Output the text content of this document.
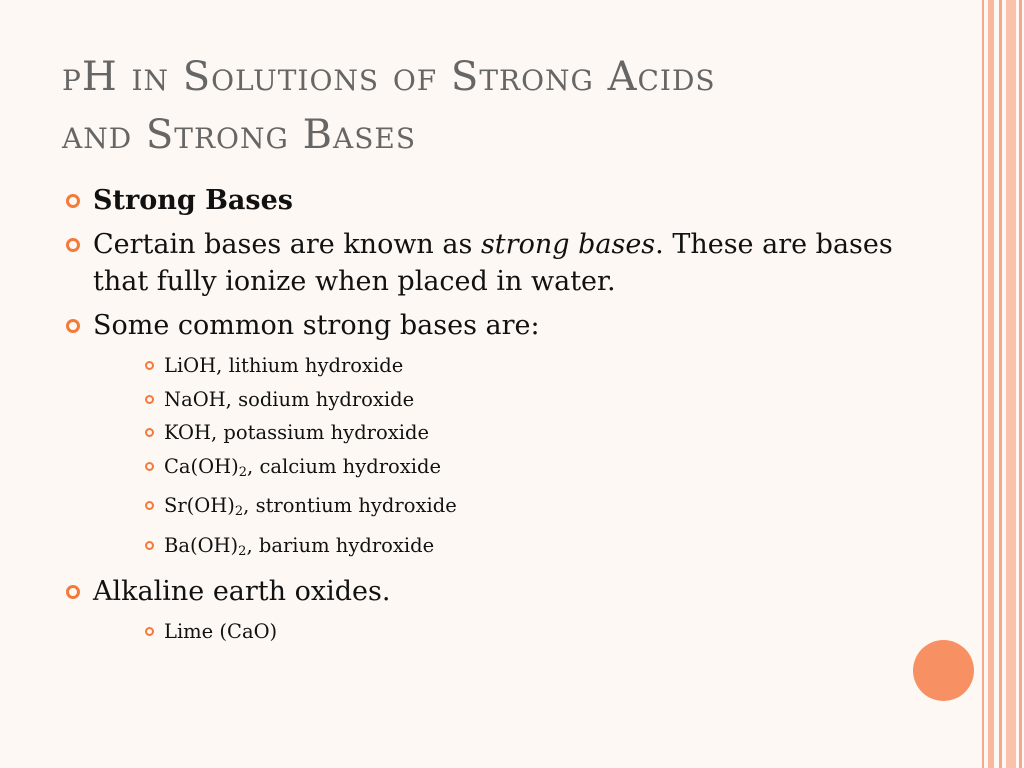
pH in Solutions of Strong Acids
and Strong Bases
Strong Bases
Certain bases are known as strong bases. These are bases that fully ionize when placed in water.
Some common strong bases are:
LiOH, lithium hydroxide
NaOH, sodium hydroxide
KOH, potassium hydroxide
$Ca(OH)_2$, calcium hydroxide
$Sr(OH)_2$, strontium hydroxide
$Ba(OH)_2$, barium hydroxide
Alkaline earth oxides.
Lime (CaO)
